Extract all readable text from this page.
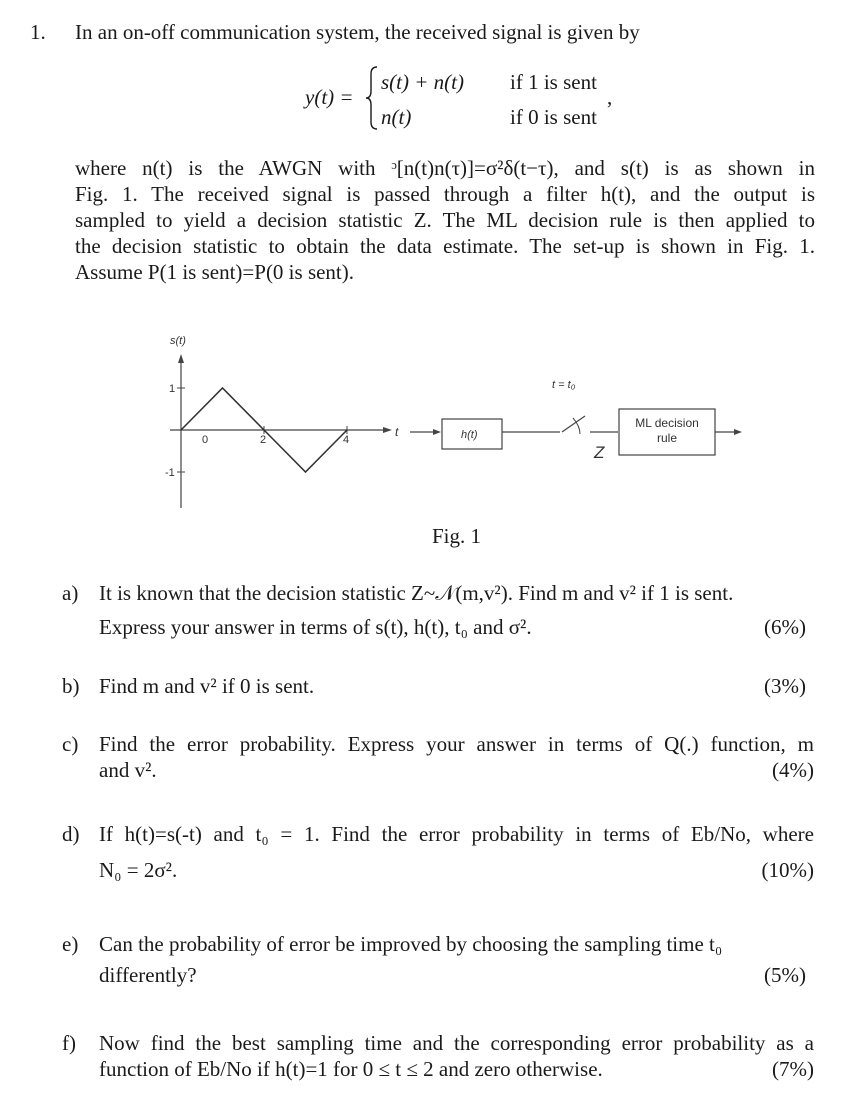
1. In an on-off communication system, the received signal is given by
y(t) =
s(t) + n(t) if 1 is sent
n(t)	if 0 is sent
,
where n(t) is the AWGN with ᵓ[n(t)n(τ)]=σ²δ(t−τ), and s(t) is as shown in
Fig. 1. The received signal is passed through a filter h(t), and the output is
sampled to yield a decision statistic Z. The ML decision rule is then applied to
the decision statistic to obtain the data estimate. The set-up is shown in Fig. 1.
Assume P(1 is sent)=P(0 is sent).
s(t)
t
1
-1
0	2	4	h(t)
t = t₀
Z
ML decision
rule
Fig. 1
a) It is known that the decision statistic Z~𝒩(m,v²). Find m and v² if 1 is sent.
Express your answer in terms of s(t), h(t), t₀ and σ².	(6%)
b) Find m and v² if 0 is sent.	(3%)
c) Find the error probability. Express your answer in terms of Q(.) function, m
and v².	(4%)
d) If h(t)=s(-t) and t₀ = 1. Find the error probability in terms of Eb/No, where
N₀ = 2σ².	(10%)
e) Can the probability of error be improved by choosing the sampling time t₀
differently?	(5%)
f) Now find the best sampling time and the corresponding error probability as a
function of Eb/No if h(t)=1 for 0 ≤ t ≤ 2 and zero otherwise.	(7%)
